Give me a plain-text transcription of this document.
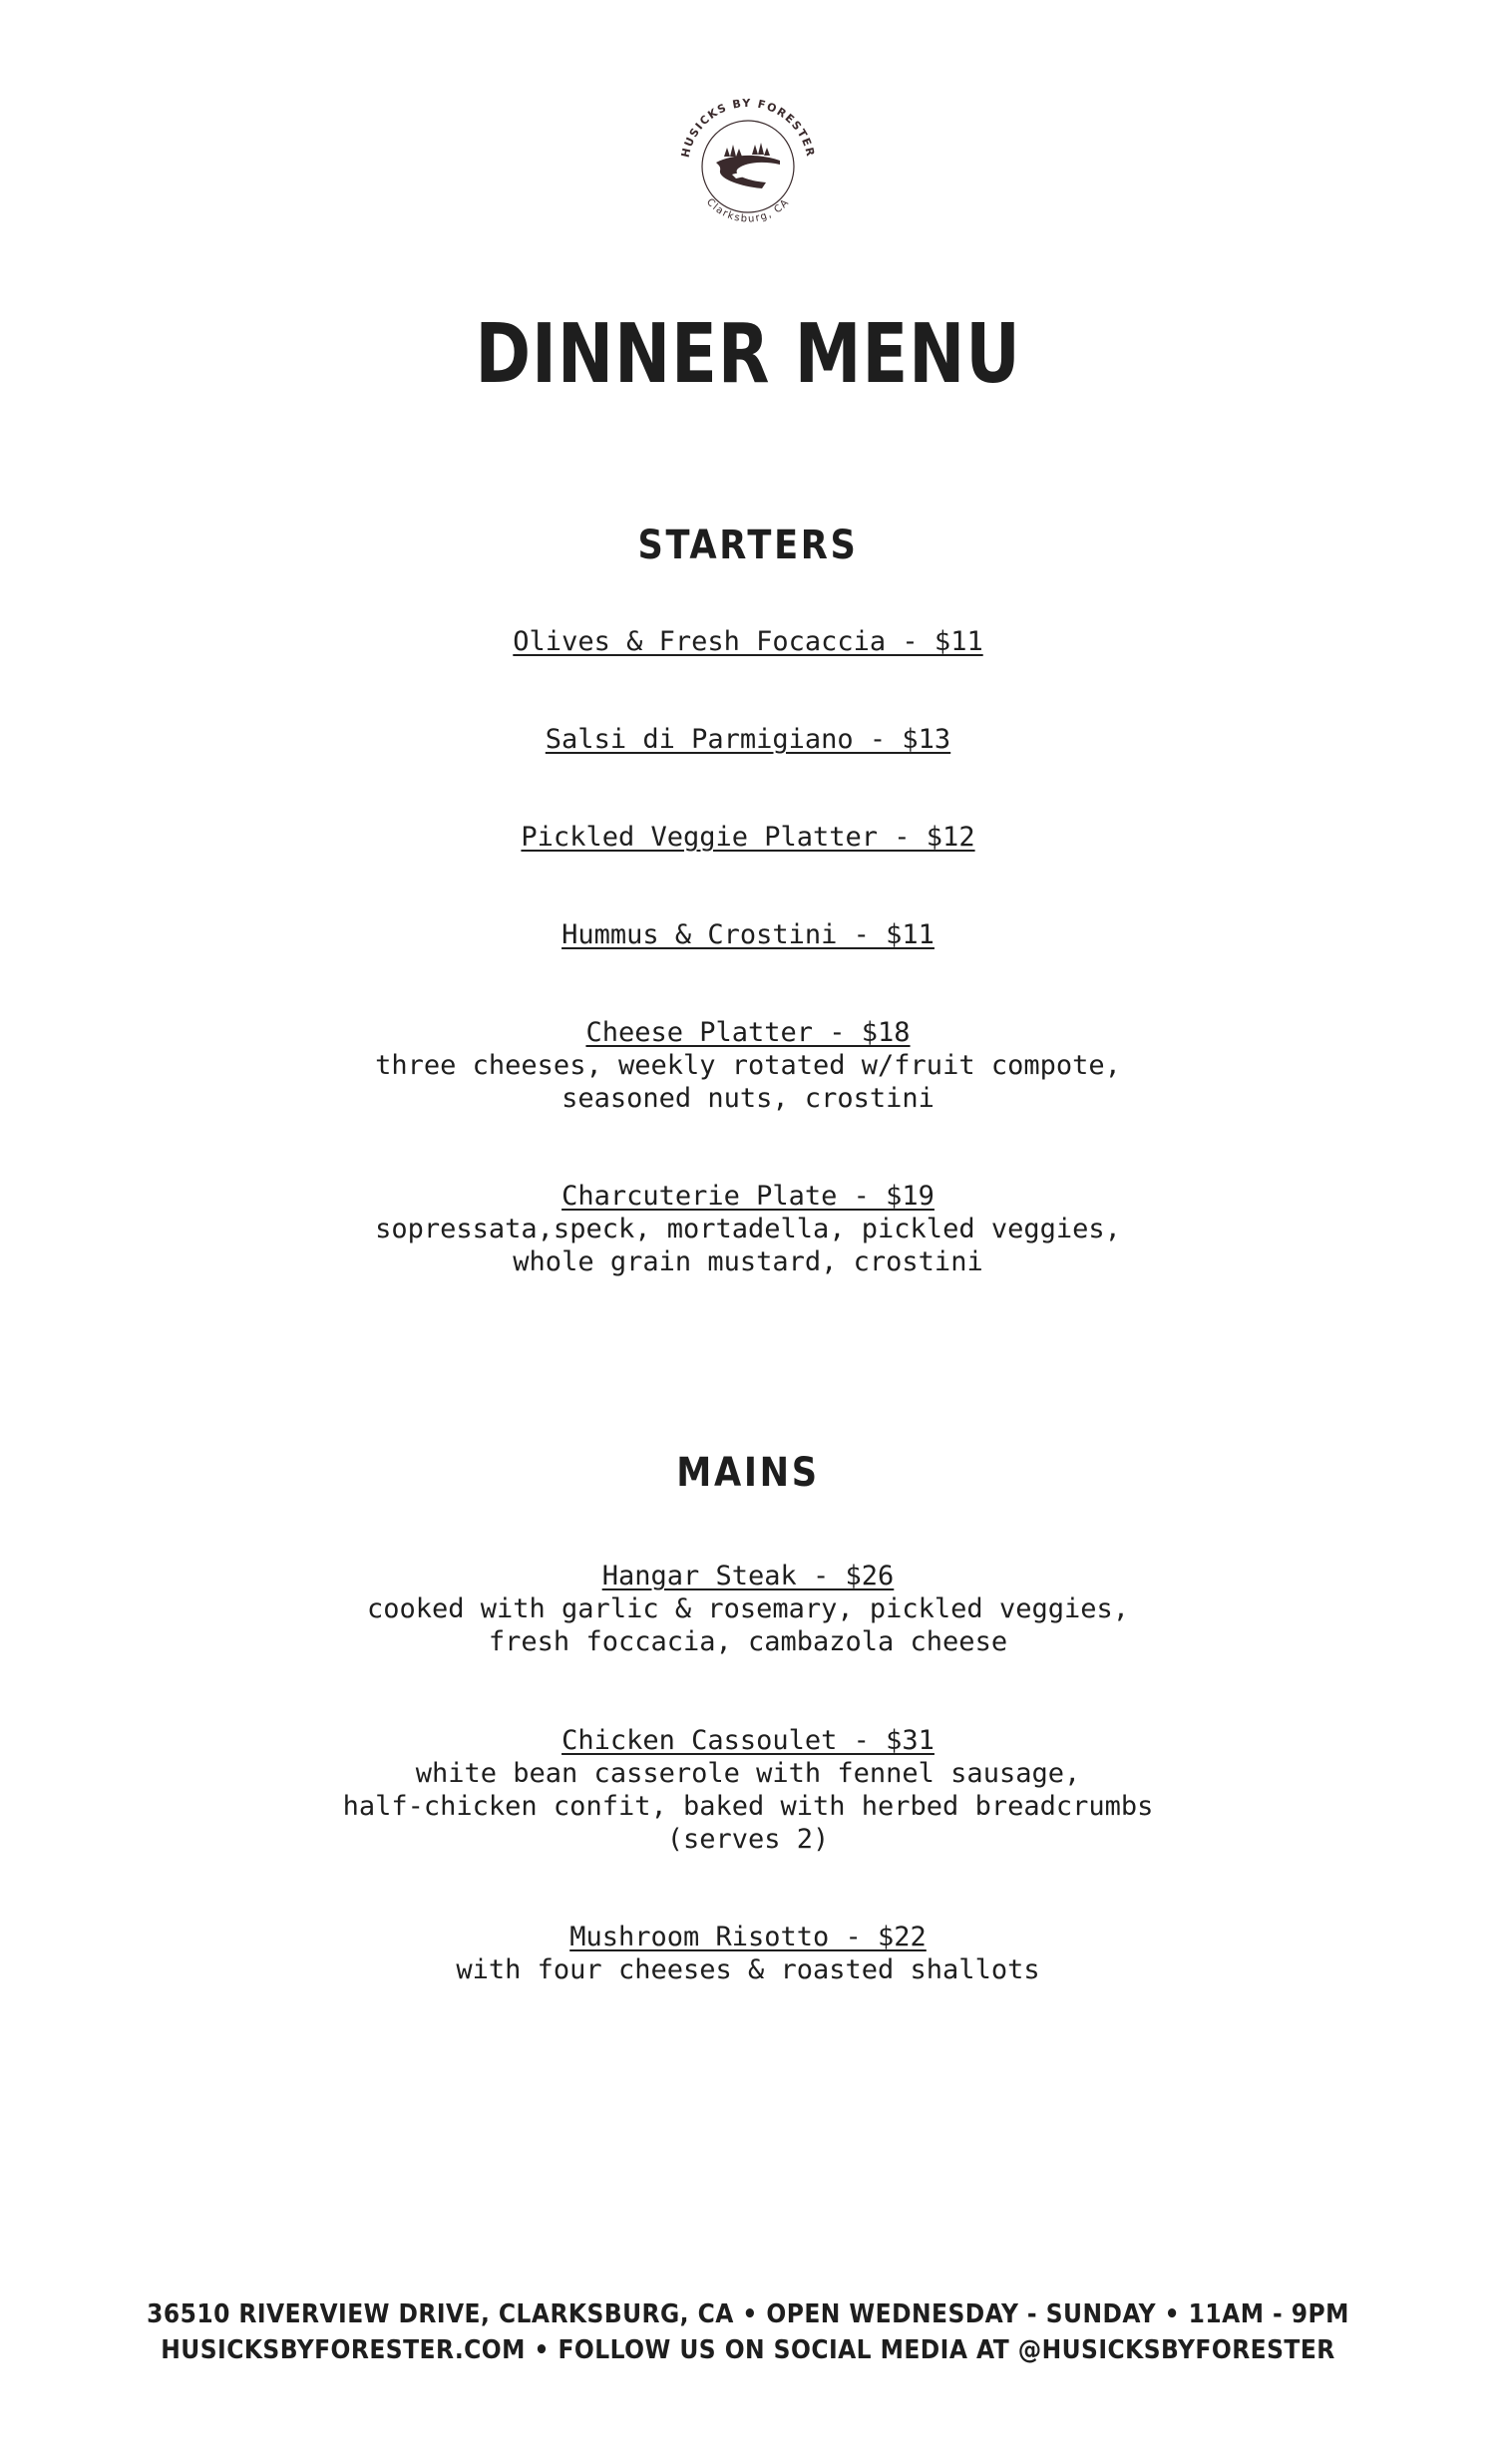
HUSICKS BY FORESTER
Clarksburg, CA
DINNER MENU
STARTERS
Olives & Fresh Focaccia - $11
Salsi di Parmigiano - $13
Pickled Veggie Platter - $12
Hummus & Crostini - $11
Cheese Platter - $18
three cheeses, weekly rotated w/fruit compote,
seasoned nuts, crostini
Charcuterie Plate - $19
sopressata,speck, mortadella, pickled veggies,
whole grain mustard, crostini
MAINS
Hangar Steak - $26
cooked with garlic & rosemary, pickled veggies,
fresh foccacia, cambazola cheese
Chicken Cassoulet - $31
white bean casserole with fennel sausage,
half-chicken confit, baked with herbed breadcrumbs
(serves 2)
Mushroom Risotto - $22
with four cheeses & roasted shallots
36510 RIVERVIEW DRIVE, CLARKSBURG, CA • OPEN WEDNESDAY - SUNDAY • 11AM - 9PM
HUSICKSBYFORESTER.COM • FOLLOW US ON SOCIAL MEDIA AT @HUSICKSBYFORESTER
